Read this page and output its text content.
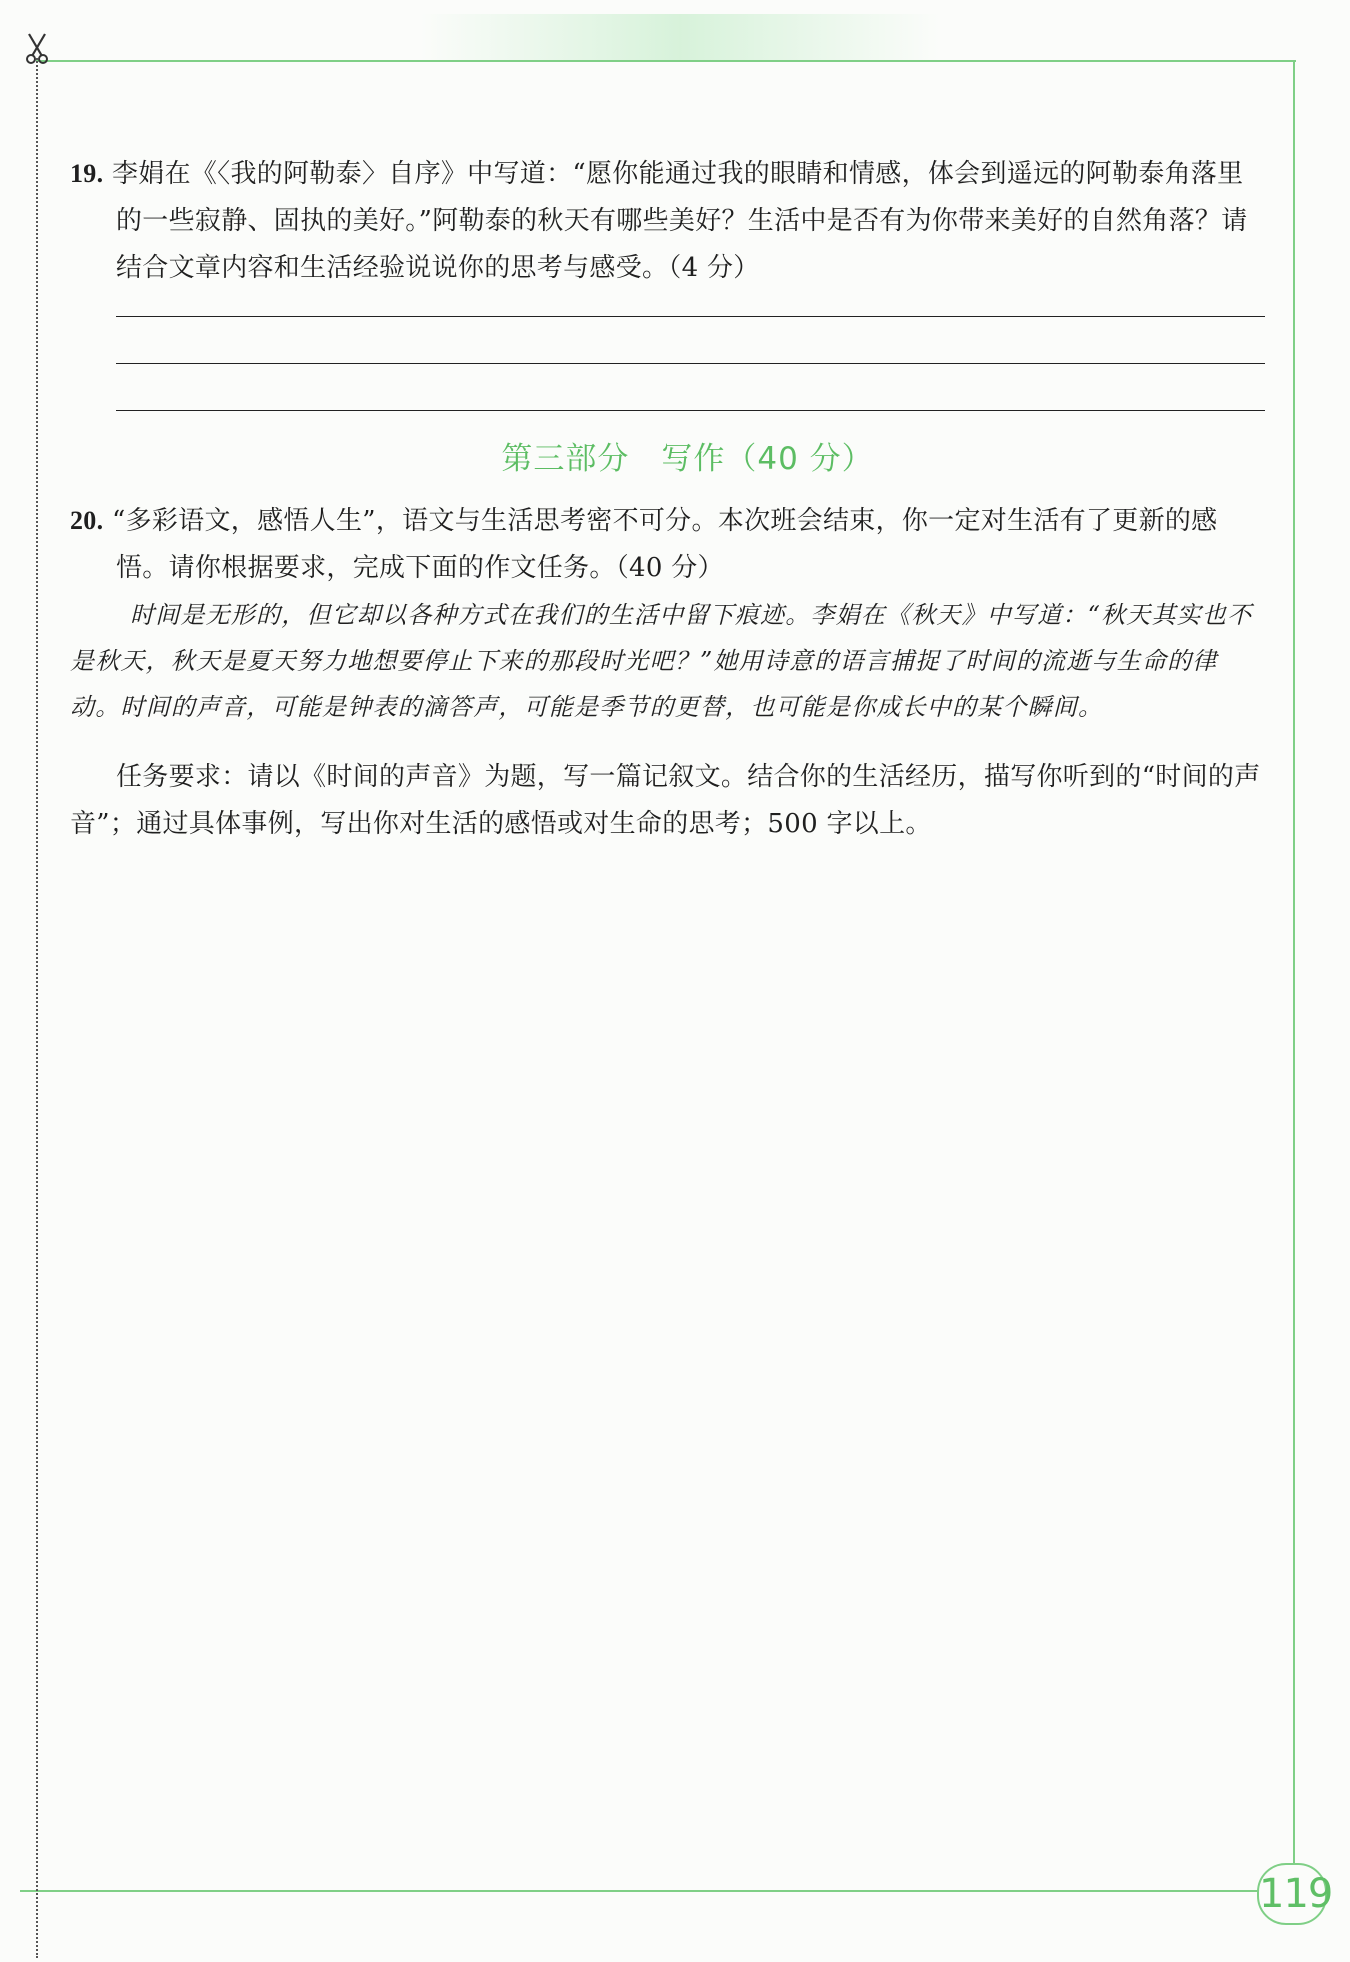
19. 李娟在《〈我的阿勒泰〉自序》中写道：“愿你能通过我的眼睛和情感，体会到遥远的阿勒泰角落里的一些寂静、固执的美好。”阿勒泰的秋天有哪些美好？生活中是否有为你带来美好的自然角落？请结合文章内容和生活经验说说你的思考与感受。（4 分）
第三部分　写作（40 分）
20. “多彩语文，感悟人生”，语文与生活思考密不可分。本次班会结束，你一定对生活有了更新的感悟。请你根据要求，完成下面的作文任务。（40 分）

时间是无形的，但它却以各种方式在我们的生活中留下痕迹。李娟在《秋天》中写道：“秋天其实也不是秋天，秋天是夏天努力地想要停止下来的那段时光吧？”她用诗意的语言捕捉了时间的流逝与生命的律动。时间的声音，可能是钟表的滴答声，可能是季节的更替，也可能是你成长中的某个瞬间。

任务要求：请以《时间的声音》为题，写一篇记叙文。结合你的生活经历，描写你听到的“时间的声音”；通过具体事例，写出你对生活的感悟或对生命的思考；500 字以上。

119
